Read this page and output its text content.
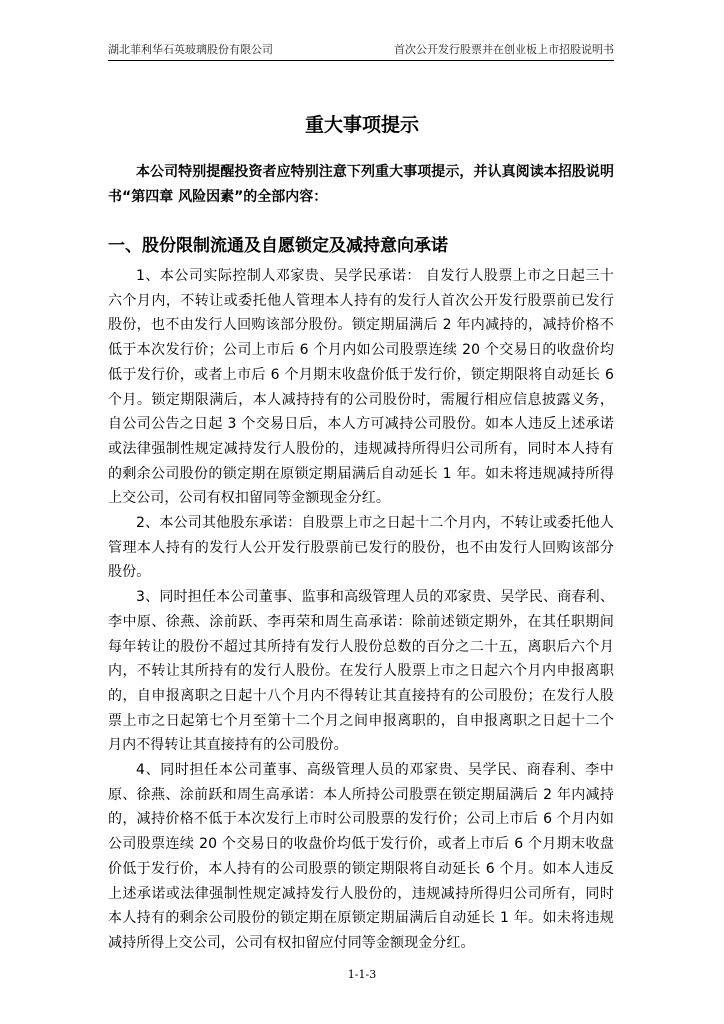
湖北菲利华石英玻璃股份有限公司	首次公开发行股票并在创业板上市招股说明书
重大事项提示

本公司特别提醒投资者应特别注意下列重大事项提示，并认真阅读本招股说明书“第四章 风险因素”的全部内容：

一、股份限制流通及自愿锁定及减持意向承诺

1、本公司实际控制人邓家贵、吴学民承诺： 自发行人股票上市之日起三十六个月内，不转让或委托他人管理本人持有的发行人首次公开发行股票前已发行股份，也不由发行人回购该部分股份。锁定期届满后 2 年内减持的，减持价格不低于本次发行价；公司上市后 6 个月内如公司股票连续 20 个交易日的收盘价均低于发行价，或者上市后 6 个月期末收盘价低于发行价，锁定期限将自动延长 6 个月。锁定期限满后，本人减持持有的公司股份时，需履行相应信息披露义务，自公司公告之日起 3 个交易日后，本人方可减持公司股份。如本人违反上述承诺或法律强制性规定减持发行人股份的，违规减持所得归公司所有，同时本人持有的剩余公司股份的锁定期在原锁定期届满后自动延长 1 年。如未将违规减持所得上交公司，公司有权扣留同等金额现金分红。

2、本公司其他股东承诺：自股票上市之日起十二个月内，不转让或委托他人管理本人持有的发行人公开发行股票前已发行的股份，也不由发行人回购该部分股份。

3、同时担任本公司董事、监事和高级管理人员的邓家贵、吴学民、商春利、李中原、徐燕、涂前跃、李再荣和周生高承诺：除前述锁定期外，在其任职期间每年转让的股份不超过其所持有发行人股份总数的百分之二十五，离职后六个月内，不转让其所持有的发行人股份。在发行人股票上市之日起六个月内申报离职的，自申报离职之日起十八个月内不得转让其直接持有的公司股份；在发行人股票上市之日起第七个月至第十二个月之间申报离职的，自申报离职之日起十二个月内不得转让其直接持有的公司股份。

4、同时担任本公司董事、高级管理人员的邓家贵、吴学民、商春利、李中原、徐燕、涂前跃和周生高承诺：本人所持公司股票在锁定期届满后 2 年内减持的，减持价格不低于本次发行上市时公司股票的发行价；公司上市后 6 个月内如公司股票连续 20 个交易日的收盘价均低于发行价，或者上市后 6 个月期末收盘价低于发行价，本人持有的公司股票的锁定期限将自动延长 6 个月。如本人违反上述承诺或法律强制性规定减持发行人股份的，违规减持所得归公司所有，同时本人持有的剩余公司股份的锁定期在原锁定期届满后自动延长 1 年。如未将违规减持所得上交公司，公司有权扣留应付同等金额现金分红。

1-1-3
